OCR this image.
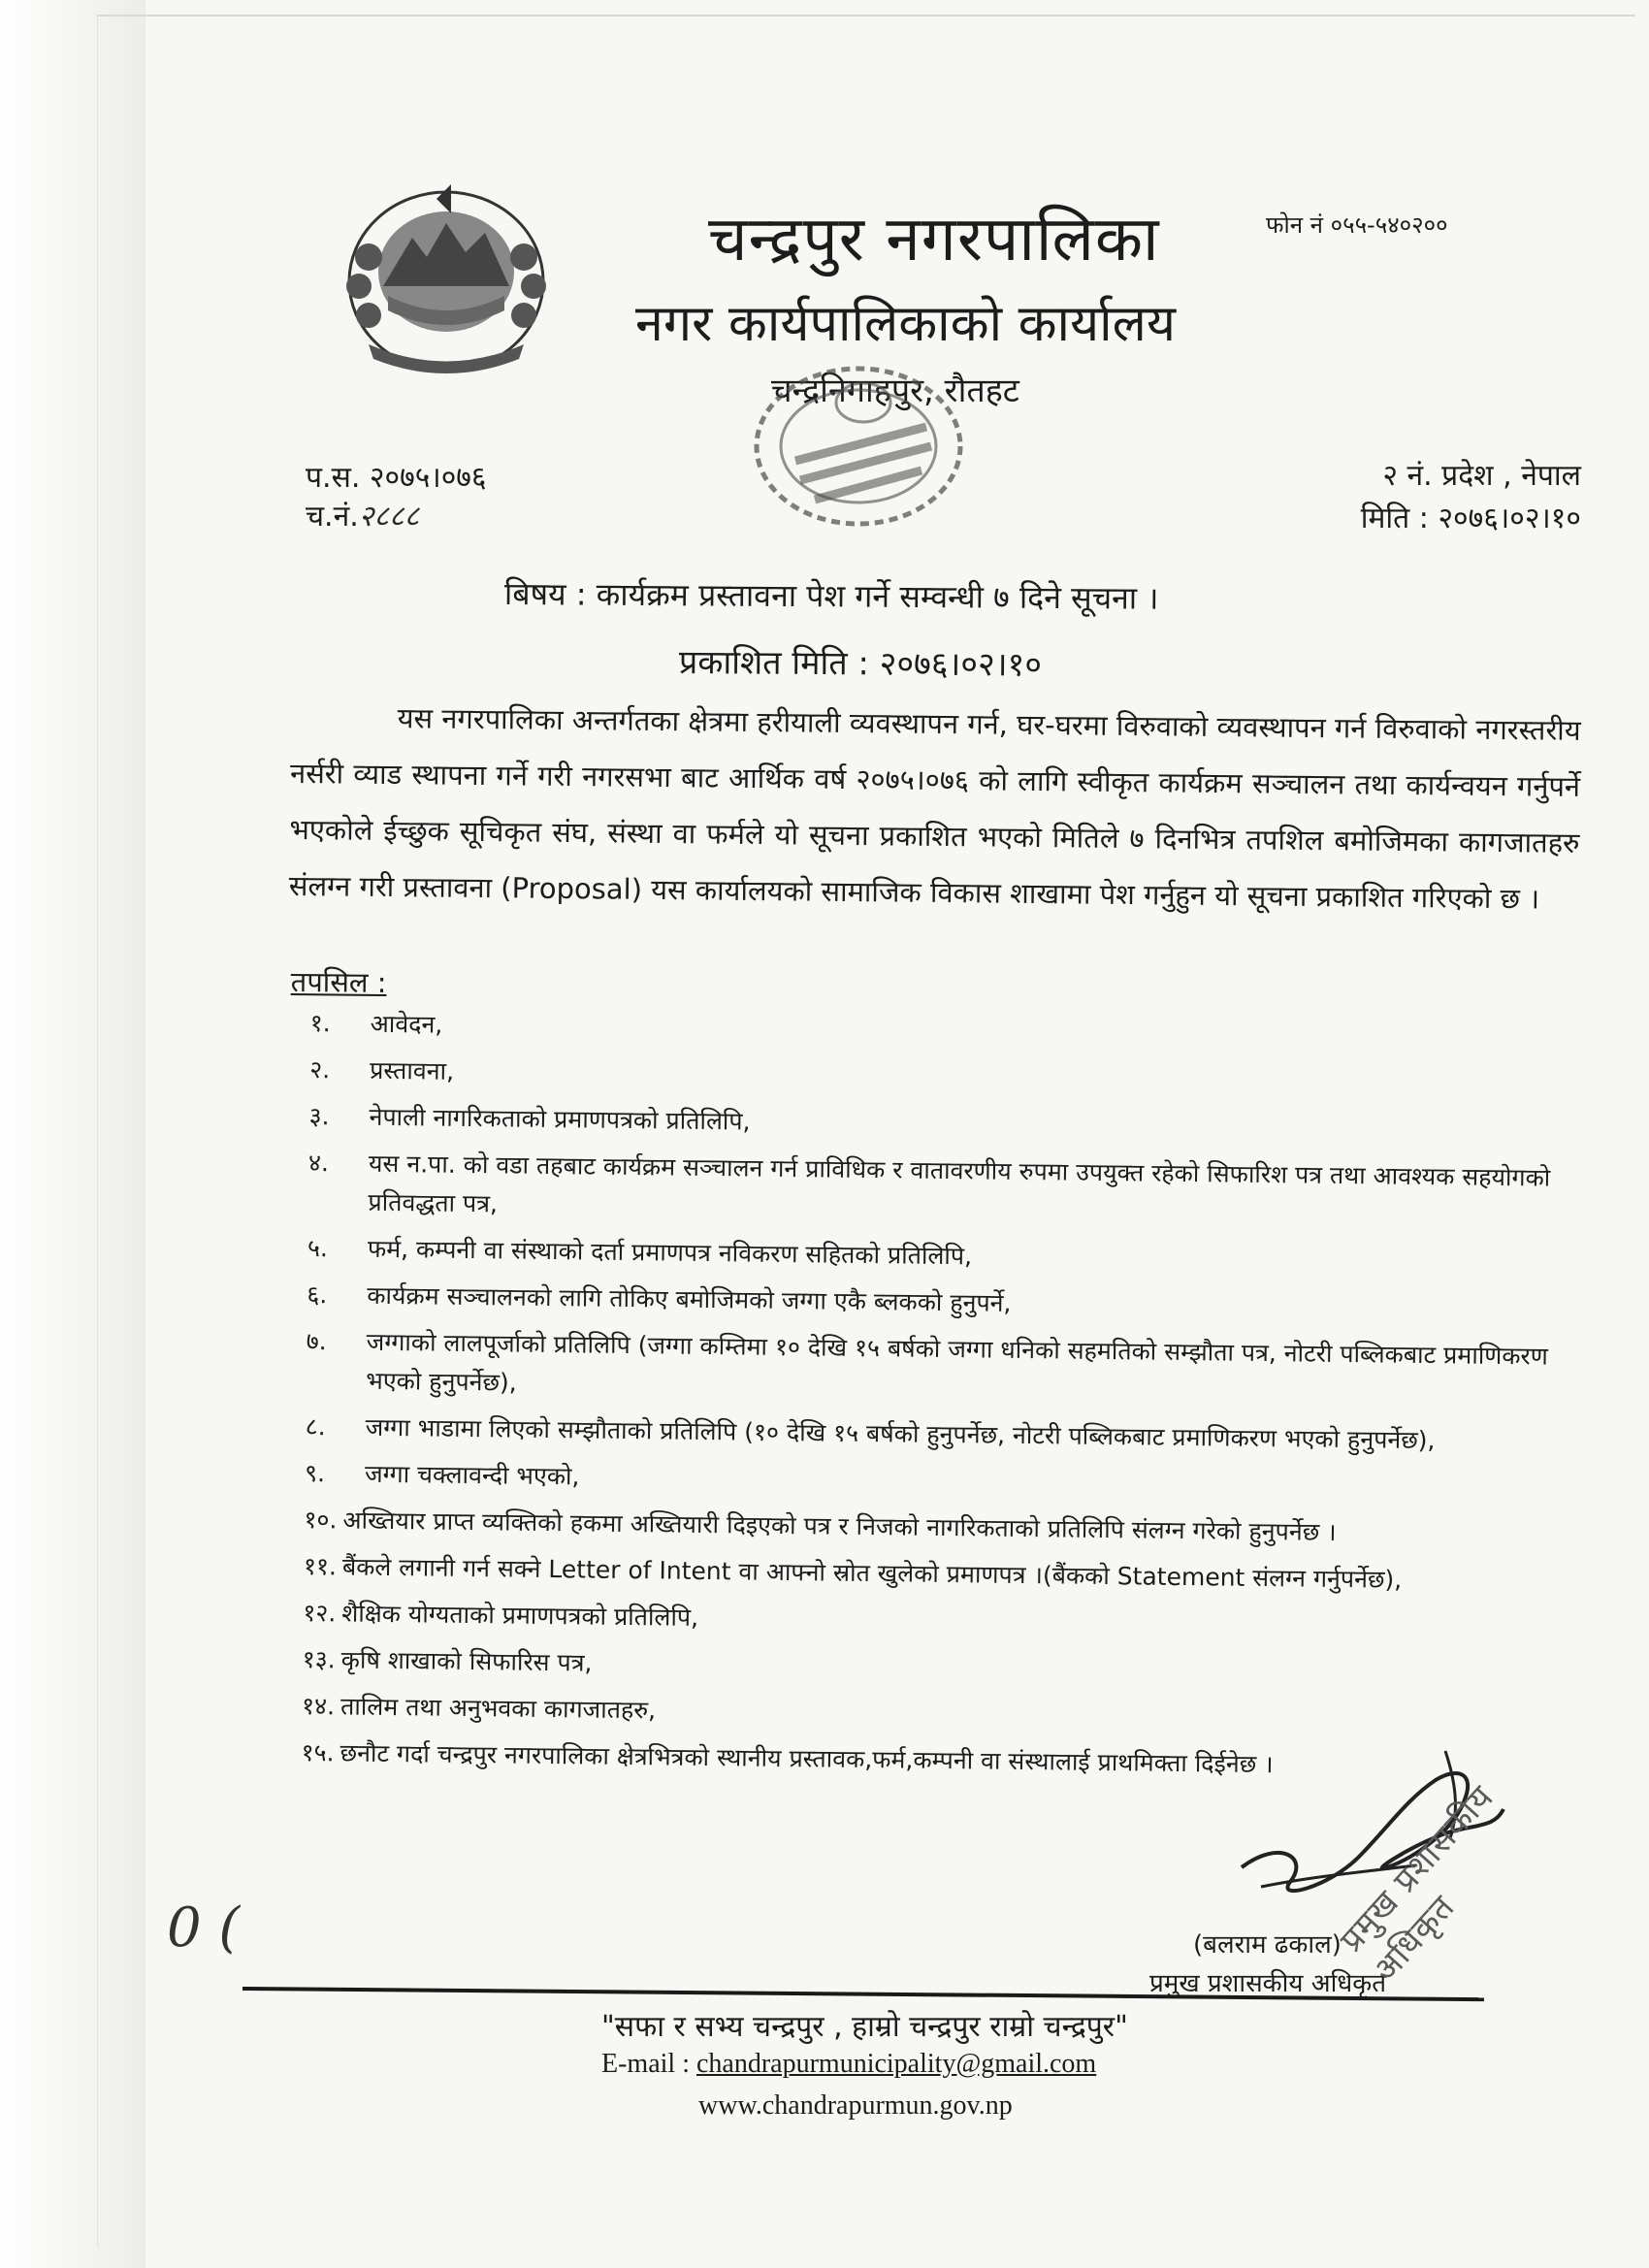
फोन नं ०५५-५४०२००
चन्द्रपुर नगरपालिका
नगर कार्यपालिकाको कार्यालय
चन्द्रनिगाहपुर, रौतहट
प.स. २०७५।०७६
च.नं.२८८८
२ नं. प्रदेश , नेपाल
मिति : २०७६।०२।१०
बिषय : कार्यक्रम प्रस्तावना पेश गर्ने सम्वन्धी ७ दिने सूचना ।
प्रकाशित मिति : २०७६।०२।१०
यस नगरपालिका अन्तर्गतका क्षेत्रमा हरीयाली व्यवस्थापन गर्न, घर-घरमा विरुवाको व्यवस्थापन गर्न विरुवाको नगरस्तरीय नर्सरी व्याड स्थापना गर्ने गरी नगरसभा बाट आर्थिक वर्ष २०७५।०७६ को लागि स्वीकृत कार्यक्रम सञ्चालन तथा कार्यन्वयन गर्नुपर्ने भएकोले ईच्छुक सूचिकृत संघ, संस्था वा फर्मले यो सूचना प्रकाशित भएको मितिले ७ दिनभित्र तपशिल बमोजिमका कागजातहरु संलग्न गरी प्रस्तावना (Proposal) यस कार्यालयको सामाजिक विकास शाखामा पेश गर्नुहुन यो सूचना प्रकाशित गरिएको छ ।
तपसिल :
१.	आवेदन,
२.	प्रस्तावना,
३.	नेपाली नागरिकताको प्रमाणपत्रको प्रतिलिपि,
४.	यस न.पा. को वडा तहबाट कार्यक्रम सञ्चालन गर्न प्राविधिक र वातावरणीय रुपमा उपयुक्त रहेको सिफारिश पत्र तथा आवश्यक सहयोगको प्रतिवद्धता पत्र,
५.	फर्म, कम्पनी वा संस्थाको दर्ता प्रमाणपत्र नविकरण सहितको प्रतिलिपि,
६.	कार्यक्रम सञ्चालनको लागि तोकिए बमोजिमको जग्गा एकै ब्लकको हुनुपर्ने,
७.	जग्गाको लालपूर्जाको प्रतिलिपि (जग्गा कम्तिमा १० देखि १५ बर्षको जग्गा धनिको सहमतिको सम्झौता पत्र, नोटरी पब्लिकबाट प्रमाणिकरण भएको हुनुपर्नेछ),
८.	जग्गा भाडामा लिएको सम्झौताको प्रतिलिपि (१० देखि १५ बर्षको हुनुपर्नेछ, नोटरी पब्लिकबाट प्रमाणिकरण भएको हुनुपर्नेछ),
९.	जग्गा चक्लावन्दी भएको,
१०. अख्तियार प्राप्त व्यक्तिको हकमा अख्तियारी दिइएको पत्र र निजको नागरिकताको प्रतिलिपि संलग्न गरेको हुनुपर्नेछ ।
११. बैंकले लगानी गर्न सक्ने Letter of Intent वा आफ्नो स्रोत खुलेको प्रमाणपत्र ।(बैंकको Statement संलग्न गर्नुपर्नेछ),
१२. शैक्षिक योग्यताको प्रमाणपत्रको प्रतिलिपि,
१३. कृषि शाखाको सिफारिस पत्र,
१४. तालिम तथा अनुभवका कागजातहरु,
१५. छनौट गर्दा चन्द्रपुर नगरपालिका क्षेत्रभित्रको स्थानीय प्रस्तावक,फर्म,कम्पनी वा संस्थालाई प्राथमिक्ता दिईनेछ ।
(बलराम ढकाल)
प्रमुख प्रशासकीय अधिकृत
प्रमुख प्रशासकीय अधिकृत
0 (
"सफा र सभ्य चन्द्रपुर , हाम्रो चन्द्रपुर राम्रो चन्द्रपुर"
E-mail : chandrapurmunicipality@gmail.com
www.chandrapurmun.gov.np
